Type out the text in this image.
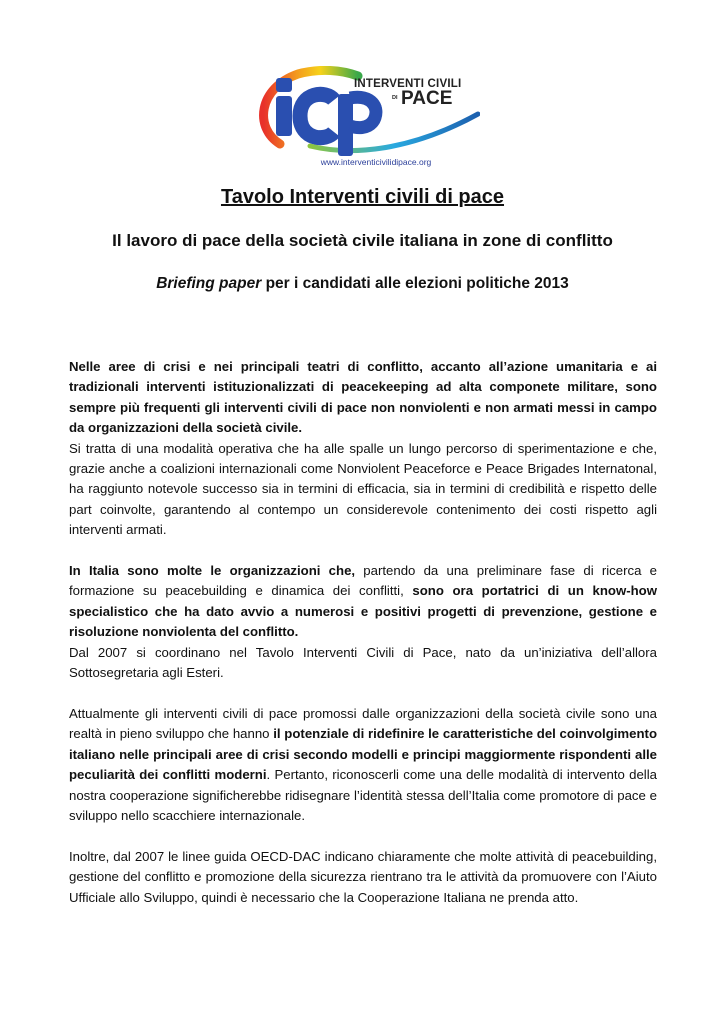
INTERVENTI CIVILI
DI PACE
www.interventicivilidipace.org
Tavolo Interventi civili di pace
Il lavoro di pace della società civile italiana in zone di conflitto
Briefing paper per i candidati alle elezioni politiche 2013

Nelle aree di crisi e nei principali teatri di conflitto, accanto all’azione umanitaria e ai tradizionali interventi istituzionalizzati di peacekeeping ad alta componete militare, sono sempre più frequenti gli interventi civili di pace non nonviolenti e non armati messi in campo da organizzazioni della società civile.

Si tratta di una modalità operativa che ha alle spalle un lungo percorso di sperimentazione e che, grazie anche a coalizioni internazionali come Nonviolent Peaceforce e Peace Brigades Internatonal, ha raggiunto notevole successo sia in termini di efficacia, sia in termini di credibilità e rispetto delle part coinvolte, garantendo al contempo un considerevole contenimento dei costi rispetto agli interventi armati.

In Italia sono molte le organizzazioni che, partendo da una preliminare fase di ricerca e formazione su peacebuilding e dinamica dei conflitti, sono ora portatrici di un know-how specialistico che ha dato avvio a numerosi e positivi progetti di prevenzione, gestione e risoluzione nonviolenta del conflitto.

Dal 2007 si coordinano nel Tavolo Interventi Civili di Pace, nato da un’iniziativa dell’allora Sottosegretaria agli Esteri.

Attualmente gli interventi civili di pace promossi dalle organizzazioni della società civile sono una realtà in pieno sviluppo che hanno il potenziale di ridefinire le caratteristiche del coinvolgimento italiano nelle principali aree di crisi secondo modelli e principi maggiormente rispondenti alle peculiarità dei conflitti moderni. Pertanto, riconoscerli come una delle modalità di intervento della nostra cooperazione significherebbe ridisegnare l’identità stessa dell’Italia come promotore di pace e sviluppo nello scacchiere internazionale.

Inoltre, dal 2007 le linee guida OECD-DAC indicano chiaramente che molte attività di peacebuilding, gestione del conflitto e promozione della sicurezza rientrano tra le attività da promuovere con l’Aiuto Ufficiale allo Sviluppo, quindi è necessario che la Cooperazione Italiana ne prenda atto.
